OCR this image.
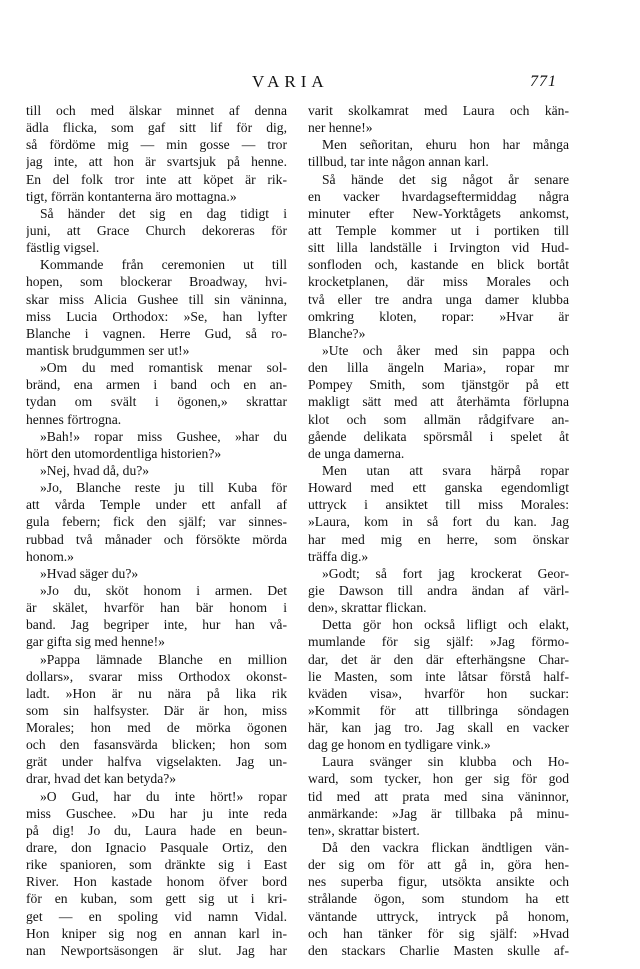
VARIA	771
till och med älskar minnet af denna
ädla flicka, som gaf sitt lif för dig,
så fördöme mig — min gosse — tror
jag inte, att hon är svartsjuk på henne.
En del folk tror inte att köpet är rik-
tigt, förrän kontanterna äro mottagna.»
Så händer det sig en dag tidigt i
juni, att Grace Church dekoreras för
fästlig vigsel.
Kommande från ceremonien ut till
hopen, som blockerar Broadway, hvi-
skar miss Alicia Gushee till sin väninna,
miss Lucia Orthodox: »Se, han lyfter
Blanche i vagnen. Herre Gud, så ro-
mantisk brudgummen ser ut!»
»Om du med romantisk menar sol-
bränd, ena armen i band och en an-
tydan om svält i ögonen,» skrattar
hennes förtrogna.
»Bah!» ropar miss Gushee, »har du
hört den utomordentliga historien?»
»Nej, hvad då, du?»
»Jo, Blanche reste ju till Kuba för
att vårda Temple under ett anfall af
gula febern; fick den själf; var sinnes-
rubbad två månader och försökte mörda
honom.»
»Hvad säger du?»
»Jo du, sköt honom i armen. Det
är skälet, hvarför han bär honom i
band. Jag begriper inte, hur han vå-
gar gifta sig med henne!»
»Pappa lämnade Blanche en million
dollars», svarar miss Orthodox okonst-
ladt. »Hon är nu nära på lika rik
som sin halfsyster. Där är hon, miss
Morales; hon med de mörka ögonen
och den fasansvärda blicken; hon som
grät under halfva vigselakten. Jag un-
drar, hvad det kan betyda?»
»O Gud, har du inte hört!» ropar
miss Guschee. »Du har ju inte reda
på dig! Jo du, Laura hade en beun-
drare, don Ignacio Pasquale Ortiz, den
rike spanioren, som dränkte sig i East
River. Hon kastade honom öfver bord
för en kuban, som gett sig ut i kri-
get — en spoling vid namn Vidal.
Hon kniper sig nog en annan karl in-
nan Newportsäsongen är slut. Jag har
varit skolkamrat med Laura och kän-
ner henne!»
Men señoritan, ehuru hon har många
tillbud, tar inte någon annan karl.
Så hände det sig något år senare
en vacker hvardagseftermiddag några
minuter efter New-Yorktågets ankomst,
att Temple kommer ut i portiken till
sitt lilla landställe i Irvington vid Hud-
sonfloden och, kastande en blick bortåt
krocketplanen, där miss Morales och
två eller tre andra unga damer klubba
omkring kloten, ropar: »Hvar är
Blanche?»
»Ute och åker med sin pappa och
den lilla ängeln Maria», ropar mr
Pompey Smith, som tjänstgör på ett
makligt sätt med att återhämta förlupna
klot och som allmän rådgifvare an-
gående delikata spörsmål i spelet åt
de unga damerna.
Men utan att svara härpå ropar
Howard med ett ganska egendomligt
uttryck i ansiktet till miss Morales:
»Laura, kom in så fort du kan. Jag
har med mig en herre, som önskar
träffa dig.»
»Godt; så fort jag krockerat Geor-
gie Dawson till andra ändan af värl-
den», skrattar flickan.
Detta gör hon också lifligt och elakt,
mumlande för sig själf: »Jag förmo-
dar, det är den där efterhängsne Char-
lie Masten, som inte låtsar förstå half-
kväden visa», hvarför hon suckar:
»Kommit för att tillbringa söndagen
här, kan jag tro. Jag skall en vacker
dag ge honom en tydligare vink.»
Laura svänger sin klubba och Ho-
ward, som tycker, hon ger sig för god
tid med att prata med sina väninnor,
anmärkande: »Jag är tillbaka på minu-
ten», skrattar bistert.
Då den vackra flickan ändtligen vän-
der sig om för att gå in, göra hen-
nes superba figur, utsökta ansikte och
strålande ögon, som stundom ha ett
väntande uttryck, intryck på honom,
och han tänker för sig själf: »Hvad
den stackars Charlie Masten skulle af-
